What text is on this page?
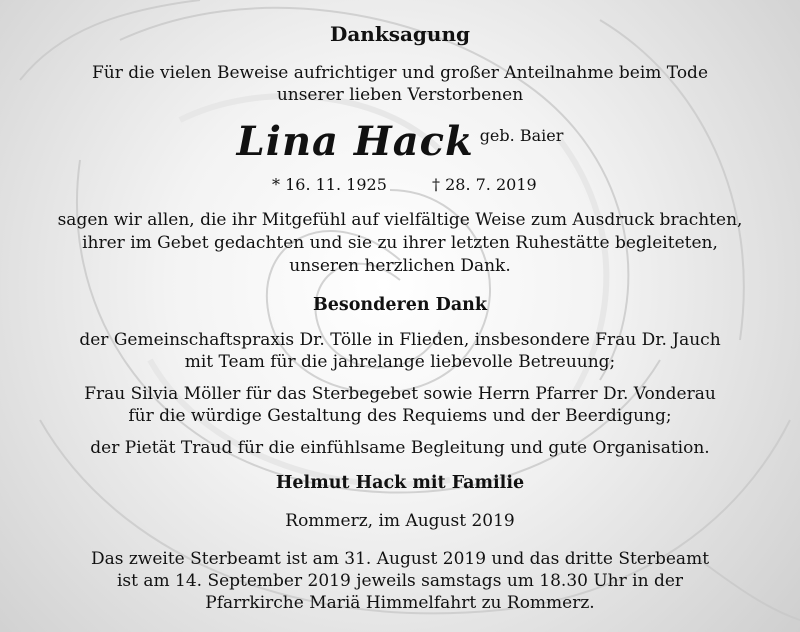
Danksagung
Für die vielen Beweise aufrichtiger und großer Anteilnahme beim Tode
unserer lieben Verstorbenen
Lina Hack geb. Baier
* 16. 11. 1925	† 28. 7. 2019
sagen wir allen, die ihr Mitgefühl auf vielfältige Weise zum Ausdruck brachten,
ihrer im Gebet gedachten und sie zu ihrer letzten Ruhestätte begleiteten,
unseren herzlichen Dank.
Besonderen Dank
der Gemeinschaftspraxis Dr. Tölle in Flieden, insbesondere Frau Dr. Jauch
mit Team für die jahrelange liebevolle Betreuung;
Frau Silvia Möller für das Sterbegebet sowie Herrn Pfarrer Dr. Vonderau
für die würdige Gestaltung des Requiems und der Beerdigung;
der Pietät Traud für die einfühlsame Begleitung und gute Organisation.
Helmut Hack mit Familie
Rommerz, im August 2019
Das zweite Sterbeamt ist am 31. August 2019 und das dritte Sterbeamt
ist am 14. September 2019 jeweils samstags um 18.30 Uhr in der
Pfarrkirche Mariä Himmelfahrt zu Rommerz.
